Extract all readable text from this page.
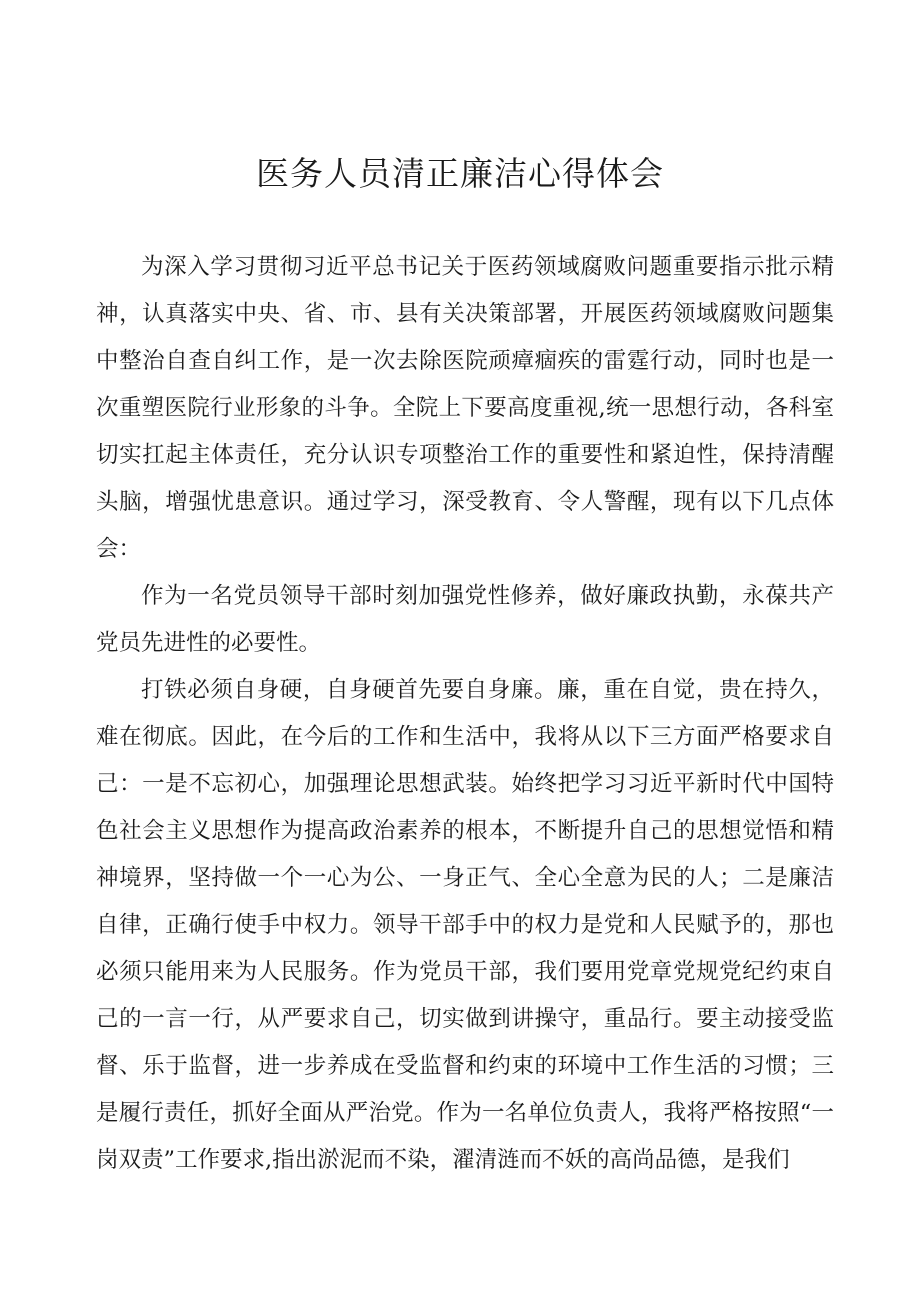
医务人员清正廉洁心得体会

为深入学习贯彻习近平总书记关于医药领域腐败问题重要指示批示精神，认真落实中央、省、市、县有关决策部署，开展医药领域腐败问题集中整治自查自纠工作，是一次去除医院顽瘴痼疾的雷霆行动，同时也是一次重塑医院行业形象的斗争。全院上下要高度重视,统一思想行动，各科室切实扛起主体责任，充分认识专项整治工作的重要性和紧迫性，保持清醒头脑，增强忧患意识。通过学习，深受教育、令人警醒，现有以下几点体会：

作为一名党员领导干部时刻加强党性修养，做好廉政执勤，永葆共产党员先进性的必要性。

打铁必须自身硬，自身硬首先要自身廉。廉，重在自觉，贵在持久，难在彻底。因此，在今后的工作和生活中，我将从以下三方面严格要求自己：一是不忘初心，加强理论思想武装。始终把学习习近平新时代中国特色社会主义思想作为提高政治素养的根本，不断提升自己的思想觉悟和精神境界，坚持做一个一心为公、一身正气、全心全意为民的人；二是廉洁自律，正确行使手中权力。领导干部手中的权力是党和人民赋予的，那也必须只能用来为人民服务。作为党员干部，我们要用党章党规党纪约束自己的一言一行，从严要求自己，切实做到讲操守，重品行。要主动接受监督、乐于监督，进一步养成在受监督和约束的环境中工作生活的习惯；三是履行责任，抓好全面从严治党。作为一名单位负责人，我将严格按照“一岗双责”工作要求,指出淤泥而不染，濯清涟而不妖的高尚品德，是我们
